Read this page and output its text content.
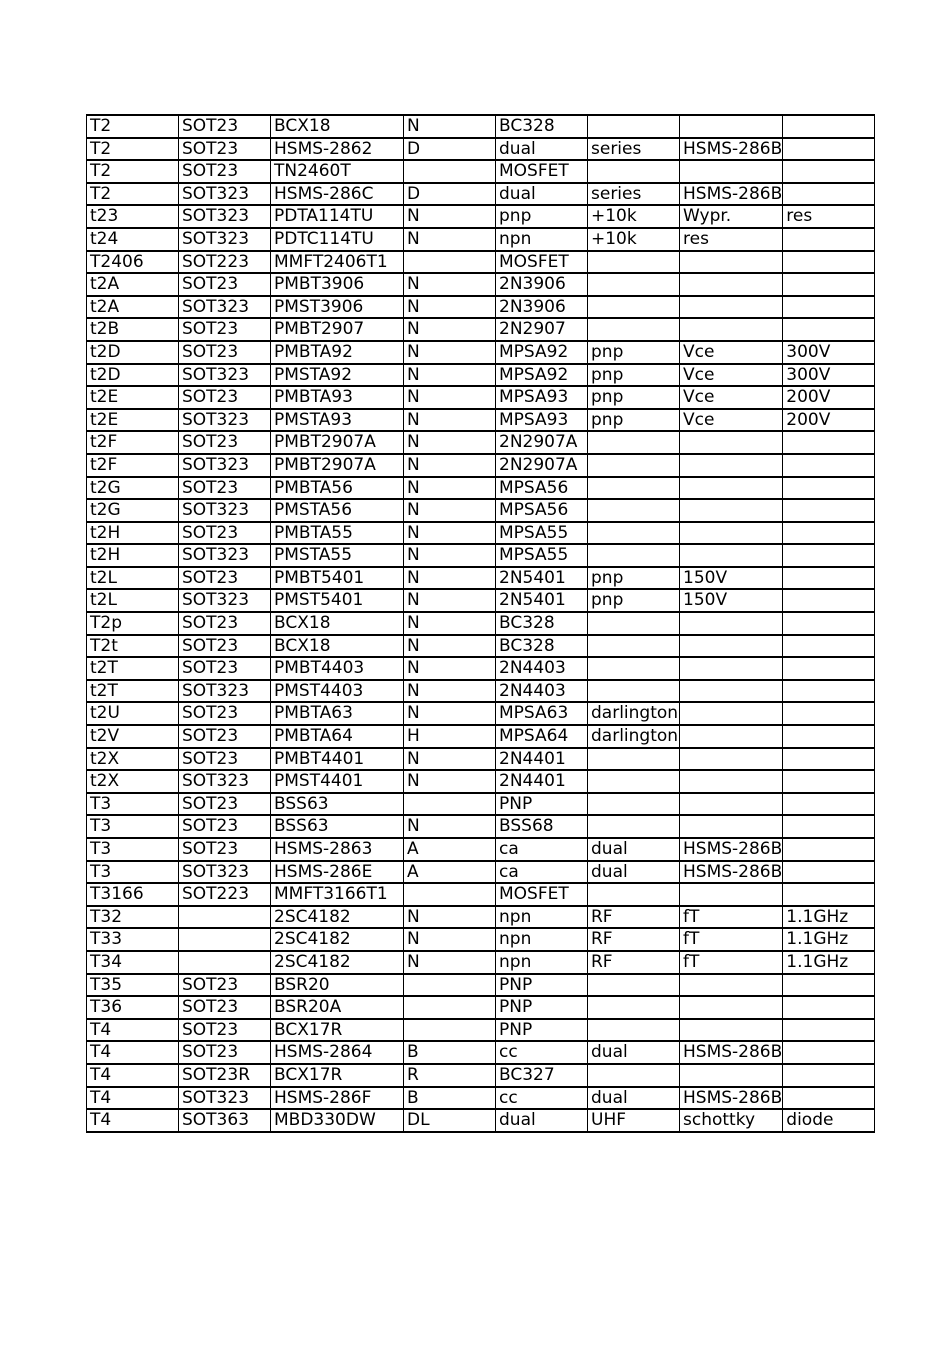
T2	SOT23	BCX18	N	BC328			
T2	SOT23	HSMS-2862	D	dual	series	HSMS-286B	
T2	SOT23	TN2460T		MOSFET			
T2	SOT323	HSMS-286C	D	dual	series	HSMS-286B	
t23	SOT323	PDTA114TU	N	pnp	+10k	Wypr.	res
t24	SOT323	PDTC114TU	N	npn	+10k	res	
T2406	SOT223	MMFT2406T1		MOSFET			
t2A	SOT23	PMBT3906	N	2N3906			
t2A	SOT323	PMST3906	N	2N3906			
t2B	SOT23	PMBT2907	N	2N2907			
t2D	SOT23	PMBTA92	N	MPSA92	pnp	Vce	300V
t2D	SOT323	PMSTA92	N	MPSA92	pnp	Vce	300V
t2E	SOT23	PMBTA93	N	MPSA93	pnp	Vce	200V
t2E	SOT323	PMSTA93	N	MPSA93	pnp	Vce	200V
t2F	SOT23	PMBT2907A	N	2N2907A			
t2F	SOT323	PMBT2907A	N	2N2907A			
t2G	SOT23	PMBTA56	N	MPSA56			
t2G	SOT323	PMSTA56	N	MPSA56			
t2H	SOT23	PMBTA55	N	MPSA55			
t2H	SOT323	PMSTA55	N	MPSA55			
t2L	SOT23	PMBT5401	N	2N5401	pnp	150V	
t2L	SOT323	PMST5401	N	2N5401	pnp	150V	
T2p	SOT23	BCX18	N	BC328			
T2t	SOT23	BCX18	N	BC328			
t2T	SOT23	PMBT4403	N	2N4403			
t2T	SOT323	PMST4403	N	2N4403			
t2U	SOT23	PMBTA63	N	MPSA63	darlington		
t2V	SOT23	PMBTA64	H	MPSA64	darlington		
t2X	SOT23	PMBT4401	N	2N4401			
t2X	SOT323	PMST4401	N	2N4401			
T3	SOT23	BSS63		PNP			
T3	SOT23	BSS63	N	BSS68			
T3	SOT23	HSMS-2863	A	ca	dual	HSMS-286B	
T3	SOT323	HSMS-286E	A	ca	dual	HSMS-286B	
T3166	SOT223	MMFT3166T1		MOSFET			
T32		2SC4182	N	npn	RF	fT	1.1GHz
T33		2SC4182	N	npn	RF	fT	1.1GHz
T34		2SC4182	N	npn	RF	fT	1.1GHz
T35	SOT23	BSR20		PNP			
T36	SOT23	BSR20A		PNP			
T4	SOT23	BCX17R		PNP			
T4	SOT23	HSMS-2864	B	cc	dual	HSMS-286B	
T4	SOT23R	BCX17R	R	BC327			
T4	SOT323	HSMS-286F	B	cc	dual	HSMS-286B	
T4	SOT363	MBD330DW	DL	dual	UHF	schottky	diode
